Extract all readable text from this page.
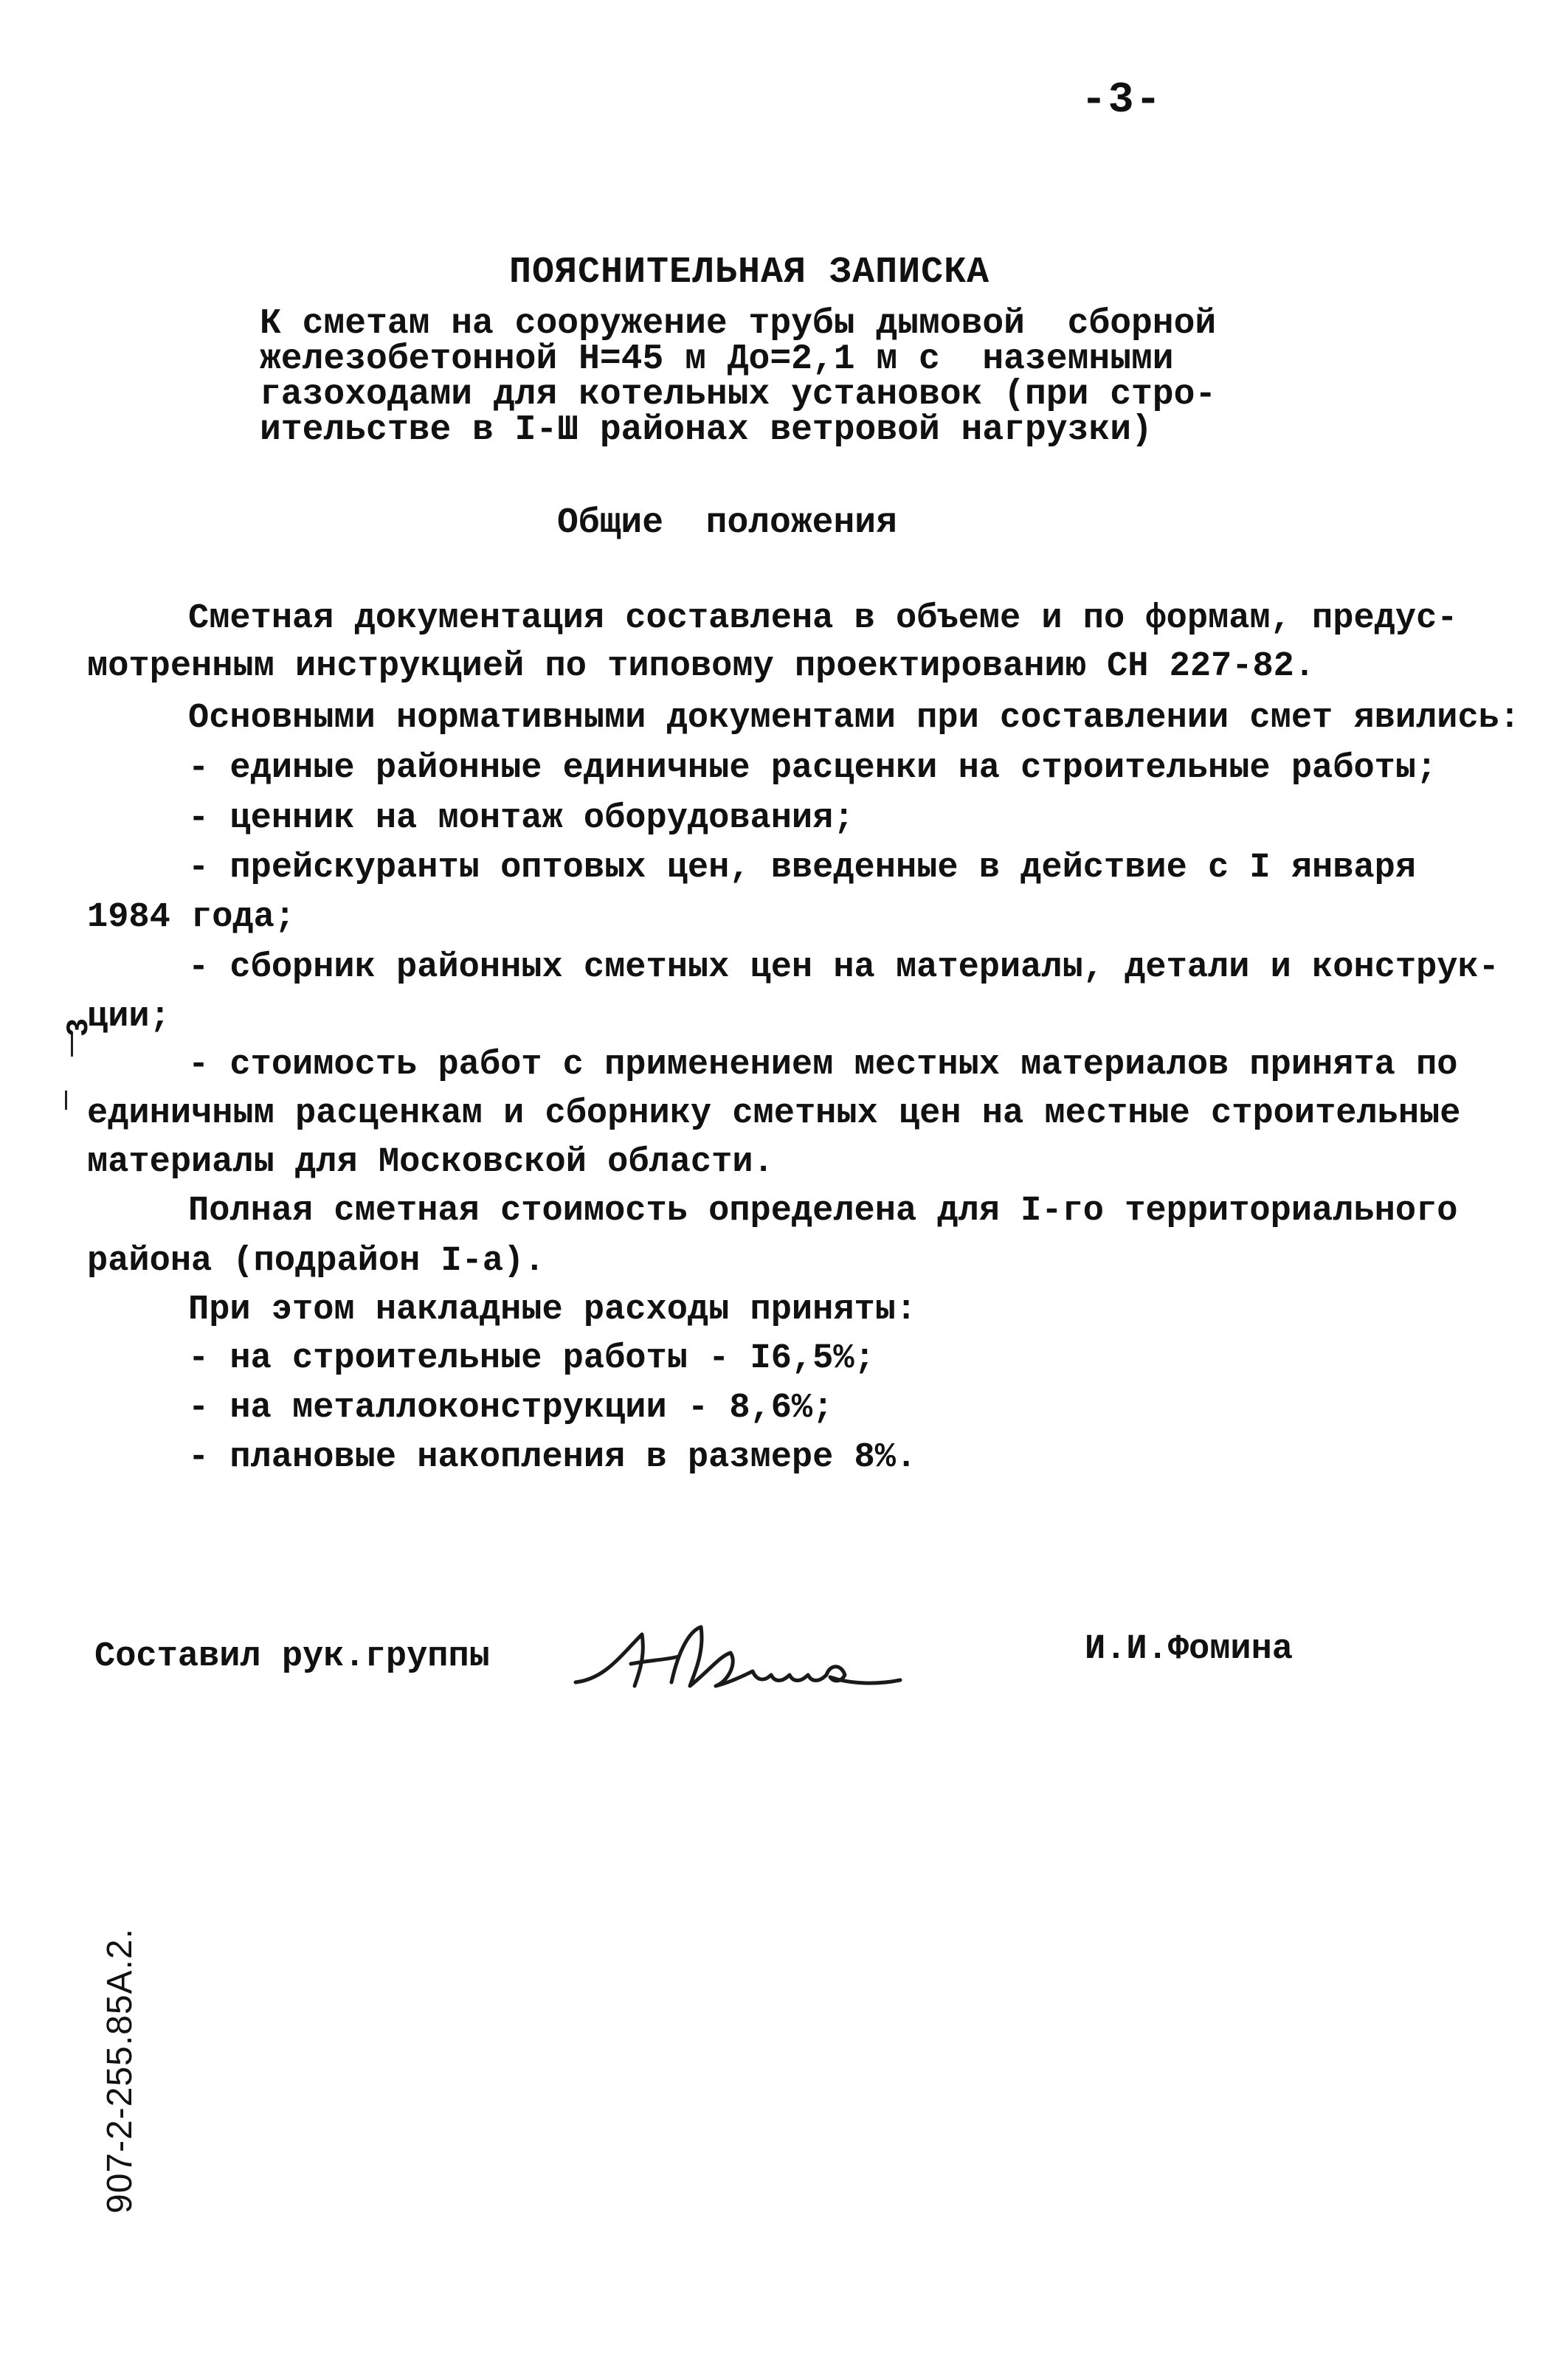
-3-
ПОЯСНИТЕЛЬНАЯ ЗАПИСКА
К сметам на сооружение трубы дымовой  сборной
железобетонной Н=45 м До=2,1 м с  наземными
газоходами для котельных установок (при стро-
ительстве в I-Ш районах ветровой нагрузки)
Общие  положения
Сметная документация составлена в объеме и по формам, предус-
мотренным инструкцией по типовому проектированию СН 227-82.
Основными нормативными документами при составлении смет явились:
- единые районные единичные расценки на строительные работы;
- ценник на монтаж оборудования;
- прейскуранты оптовых цен, введенные в действие с I января
1984 года;
- сборник районных сметных цен на материалы, детали и конструк-
ции;
- стоимость работ с применением местных материалов принята по
единичным расценкам и сборнику сметных цен на местные строительные
материалы для Московской области.
Полная сметная стоимость определена для I-го территориального
района (подрайон I-а).
При этом накладные расходы приняты:
- на строительные работы - I6,5%;
- на металлоконструкции - 8,6%;
- плановые накопления в размере 8%.
3
Составил рук.группы	И.И.Фомина
907-2-255.85А.2.
